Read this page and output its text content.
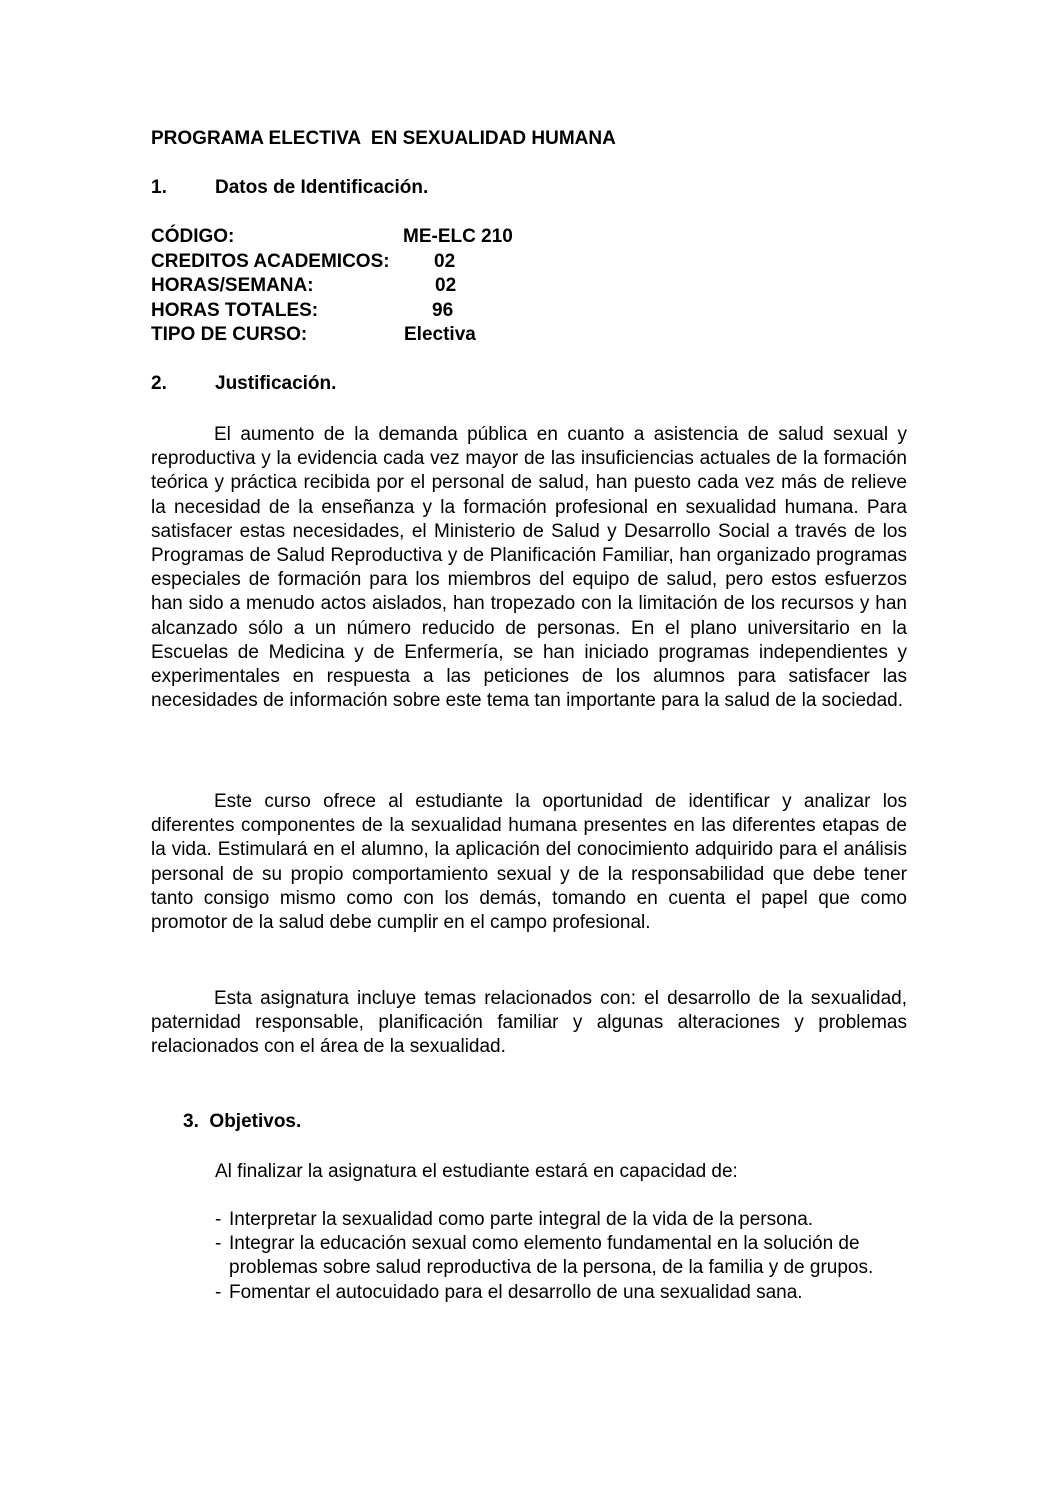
PROGRAMA ELECTIVA  EN SEXUALIDAD HUMANA
1.	Datos de Identificación.
CÓDIGO:	ME-ELC 210
CREDITOS ACADEMICOS: 02
HORAS/SEMANA:	02
HORAS TOTALES:	96
TIPO DE CURSO:	Electiva
2.	Justificación.

El aumento de la demanda pública en cuanto a asistencia de salud sexual y reproductiva y la evidencia cada vez mayor de las insuficiencias actuales de la formación teórica y práctica recibida por el personal de salud, han puesto cada vez más de relieve la necesidad de la enseñanza y la formación profesional en sexualidad humana. Para satisfacer estas necesidades, el Ministerio de Salud y Desarrollo Social a través de los Programas de Salud Reproductiva y de Planificación Familiar, han organizado programas especiales de formación para los miembros del equipo de salud, pero estos esfuerzos han sido a menudo actos aislados, han tropezado con la limitación de los recursos y han alcanzado sólo a un número reducido de personas. En el plano universitario en la Escuelas de Medicina y de Enfermería, se han iniciado programas independientes y experimentales en respuesta a las peticiones de los alumnos para satisfacer las necesidades de información sobre este tema tan importante para la salud de la sociedad.

Este curso ofrece al estudiante la oportunidad de identificar y analizar los diferentes componentes de la sexualidad humana presentes en las diferentes etapas de la vida. Estimulará en el alumno, la aplicación del conocimiento adquirido para el análisis personal de su propio comportamiento sexual y de la responsabilidad que debe tener tanto consigo mismo como con los demás, tomando en cuenta el papel que como promotor de la salud debe cumplir en el campo profesional.

Esta asignatura incluye temas relacionados con: el desarrollo de la sexualidad, paternidad responsable, planificación familiar y algunas alteraciones y problemas relacionados con el área de la sexualidad.

3. Objetivos.

Al finalizar la asignatura el estudiante estará en capacidad de:

- Interpretar la sexualidad como parte integral de la vida de la persona.
- Integrar la educación sexual como elemento fundamental en la solución de problemas sobre salud reproductiva de la persona, de la familia y de grupos.
- Fomentar el autocuidado para el desarrollo de una sexualidad sana.
